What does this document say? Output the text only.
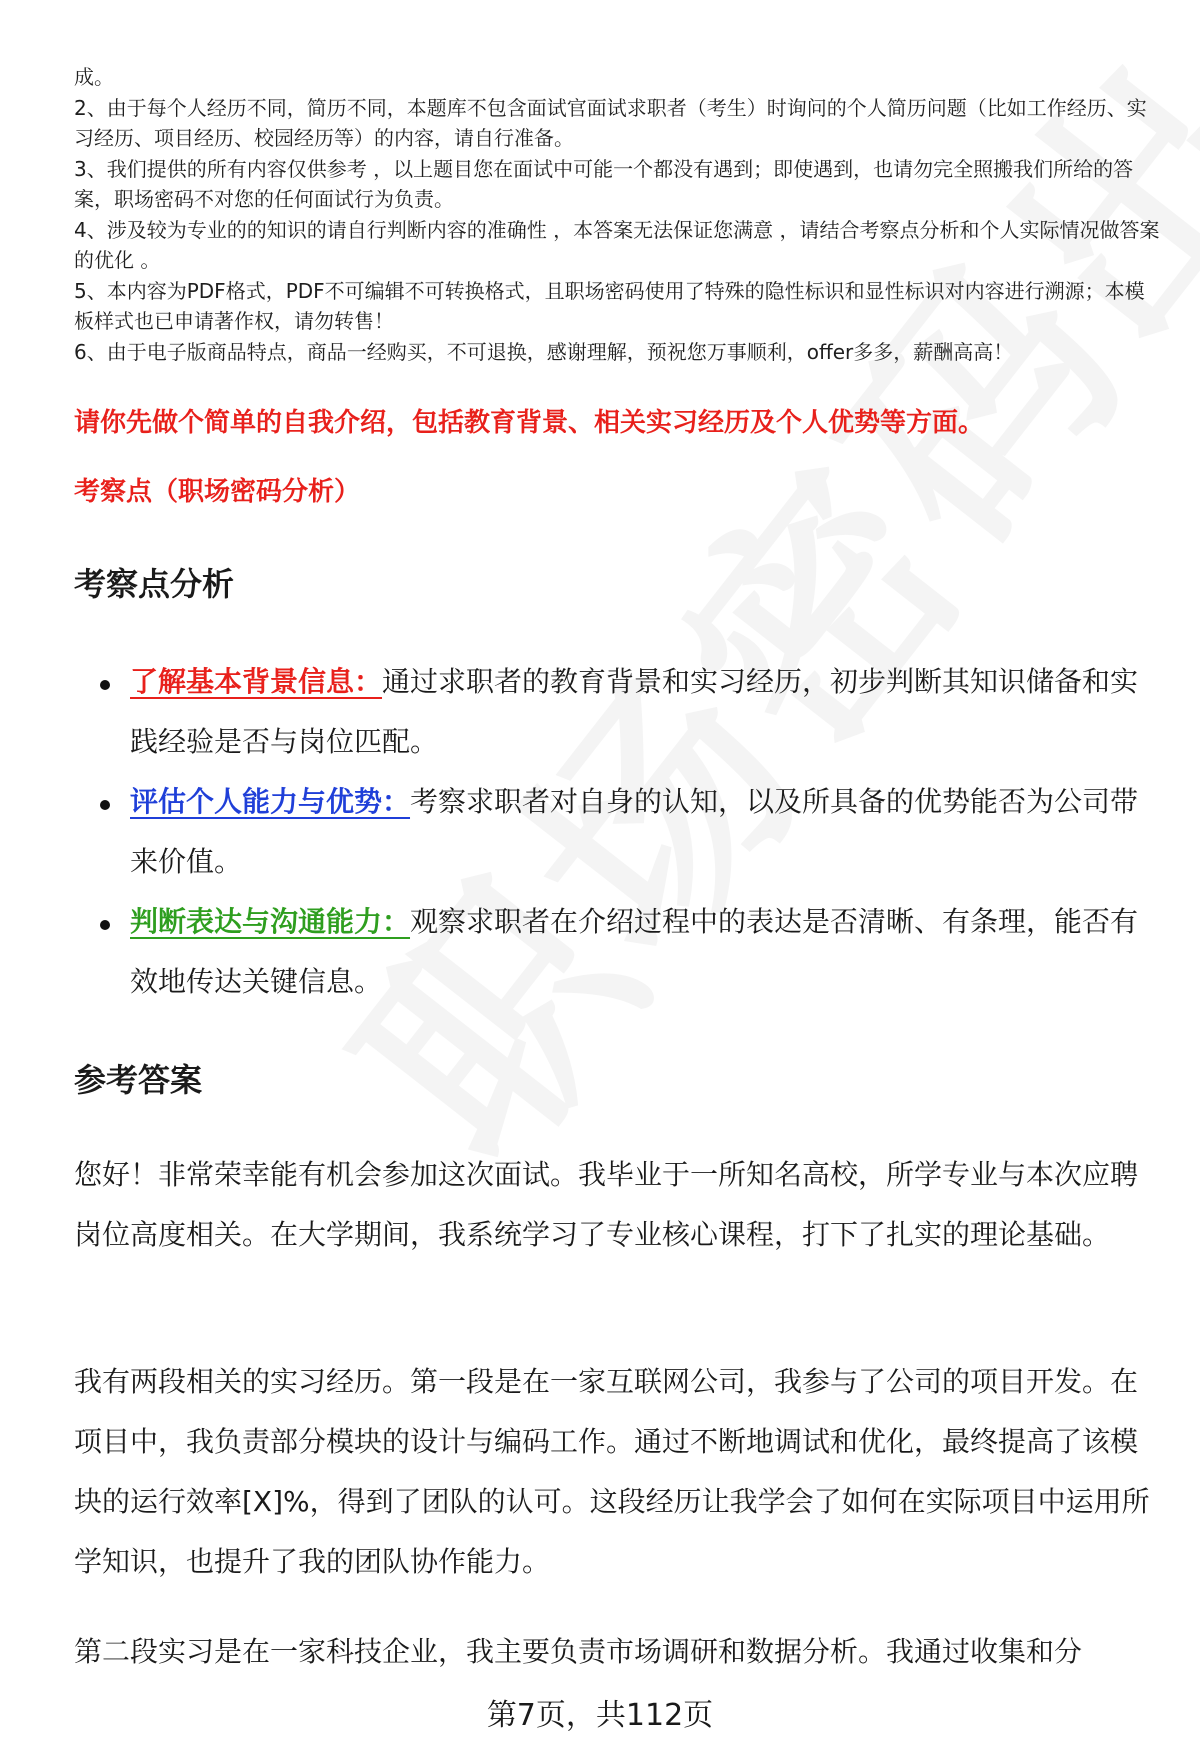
成。

2、由于每个人经历不同，简历不同，本题库不包含面试官面试求职者（考生）时询问的个人简历问题（比如工作经历、实习经历、项目经历、校园经历等）的内容，请自行准备。

3、我们提供的所有内容仅供参考 ，以上题目您在面试中可能一个都没有遇到；即使遇到，也请勿完全照搬我们所给的答案，职场密码不对您的任何面试行为负责。

4、涉及较为专业的的知识的请自行判断内容的准确性 ，本答案无法保证您满意 ，请结合考察点分析和个人实际情况做答案的优化 。

5、本内容为PDF格式，PDF不可编辑不可转换格式，且职场密码使用了特殊的隐性标识和显性标识对内容进行溯源；本模板样式也已申请著作权，请勿转售！

6、由于电子版商品特点，商品一经购买，不可退换，感谢理解，预祝您万事顺利，offer多多，薪酬高高！

请你先做个简单的自我介绍，包括教育背景、相关实习经历及个人优势等方面。

考察点（职场密码分析）

考察点分析
了解基本背景信息：通过求职者的教育背景和实习经历，初步判断其知识储备和实践经验是否与岗位匹配。
评估个人能力与优势：考察求职者对自身的认知，以及所具备的优势能否为公司带来价值。
判断表达与沟通能力：观察求职者在介绍过程中的表达是否清晰、有条理，能否有效地传达关键信息。
参考答案

您好！非常荣幸能有机会参加这次面试。我毕业于一所知名高校，所学专业与本次应聘岗位高度相关。在大学期间，我系统学习了专业核心课程，打下了扎实的理论基础。

我有两段相关的实习经历。第一段是在一家互联网公司，我参与了公司的项目开发。在项目中，我负责部分模块的设计与编码工作。通过不断地调试和优化，最终提高了该模块的运行效率[X]%，得到了团队的认可。这段经历让我学会了如何在实际项目中运用所学知识，也提升了我的团队协作能力。

第二段实习是在一家科技企业，我主要负责市场调研和数据分析。我通过收集和分

第7页，共112页
